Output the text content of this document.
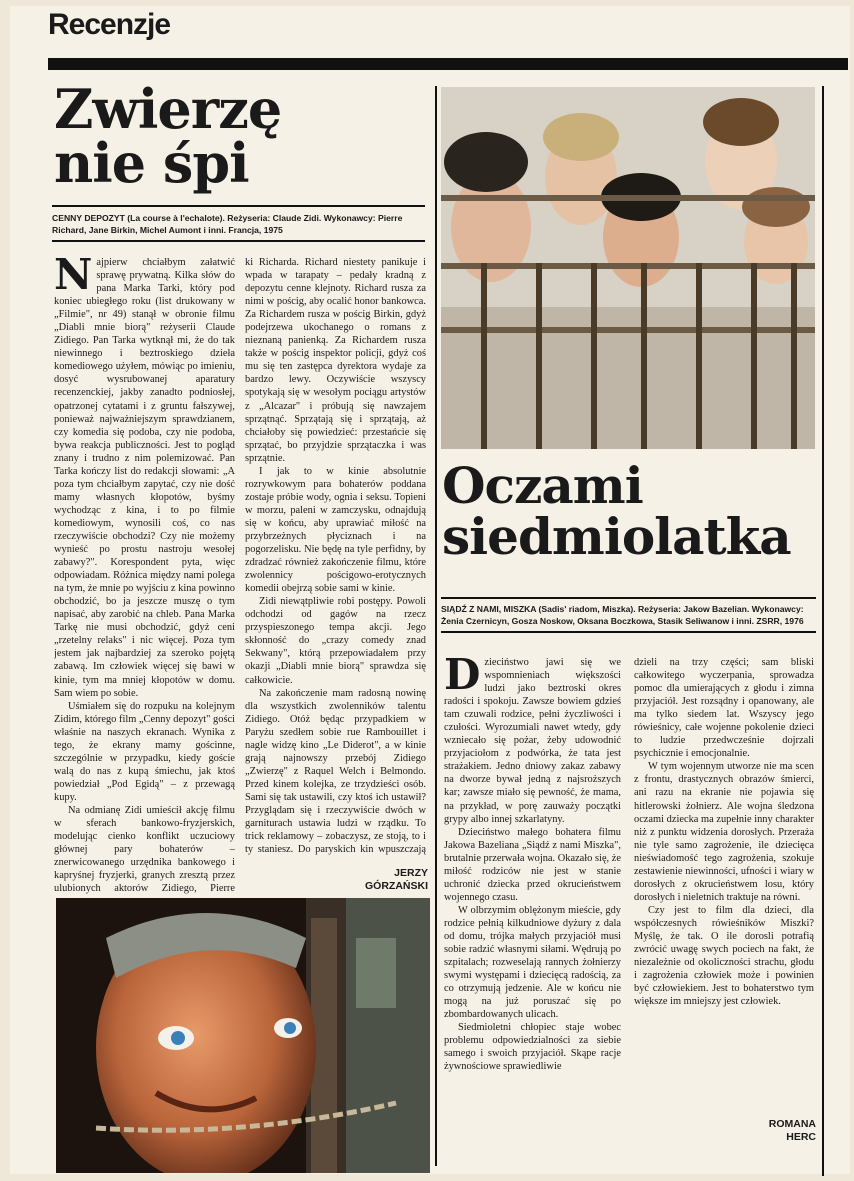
Recenzje
Zwierzę
nie śpi
CENNY DEPOZYT (La course à l'echalote). Reżyseria: Claude Zidi. Wykonawcy: Pierre Richard, Jane Birkin, Michel Aumont i inni. Francja, 1975

Najpierw chciałbym załatwić sprawę prywatną. Kilka słów do pana Marka Tarki, który pod koniec ubiegłego roku (list drukowany w „Filmie", nr 49) stanął w obronie filmu „Diabli mnie biorą" reżyserii Claude Zidiego. Pan Tarka wytknął mi, że do tak niewinnego i beztroskiego dzieła komediowego użyłem, mówiąc po imieniu, dosyć wysrubowanej aparatury recenzenckiej, jakby zanadto podniosłej, opatrzonej cytatami i z gruntu fałszywej, ponieważ najważniejszym sprawdzianem, czy komedia się podoba, czy nie podoba, bywa reakcja publiczności. Jest to pogląd znany i trudno z nim polemizować. Pan Tarka kończy list do redakcji słowami: „A poza tym chciałbym zapytać, czy nie dość mamy własnych kłopotów, byśmy wychodząc z kina, i to po filmie komediowym, wynosili coś, co nas rzeczywiście obchodzi? Czy nie możemy wynieść po prostu nastroju wesołej zabawy?". Korespondent pyta, więc odpowiadam. Różnica między nami polega na tym, że mnie po wyjściu z kina powinno obchodzić, bo ja jeszcze muszę o tym napisać, aby zarobić na chleb. Pana Marka Tarkę nie musi obchodzić, gdyż ceni „rzetelny relaks" i nic więcej. Poza tym jestem jak najbardziej za szeroko pojętą zabawą. Im człowiek więcej się bawi w kinie, tym ma mniej kłopotów w domu. Sam wiem po sobie.

Uśmiałem się do rozpuku na kolejnym Zidim, którego film „Cenny depozyt" gości właśnie na naszych ekranach. Wynika z tego, że ekrany mamy gościnne, szczególnie w przypadku, kiedy goście walą do nas z kupą śmiechu, jak ktoś powiedział „Pod Egidą" – z przewagą kupy.

Na odmianę Zidi umieścił akcję filmu w sferach bankowo-fryzjerskich, modelując cienko konflikt uczuciowy głównej pary bohaterów – znerwicowanego urzędnika bankowego i kapryśnej fryzjerki, granych zresztą przez ulubionych aktorów Zidiego, Pierre

ki Richarda. Richard niestety panikuje i wpada w tarapaty – pedały kradną z depozytu cenne klejnoty. Richard rusza za nimi w pościg, aby ocalić honor bankowca. Za Richardem rusza w pościg Birkin, gdyż podejrzewa ukochanego o romans z nieznaną panienką. Za Richardem rusza także w pościg inspektor policji, gdyż coś mu się ten zastępca dyrektora wydaje za bardzo lewy. Oczywiście wszyscy spotykają się w wesołym pociągu artystów z „Alcazar" i próbują się nawzajem sprzątnąć. Sprzątają się i sprzątają, aż chciałoby się powiedzieć: przestańcie się sprzątać, bo przyjdzie sprzątaczka i was sprzątnie.

I jak to w kinie absolutnie rozrywkowym para bohaterów poddana zostaje próbie wody, ognia i seksu. Topieni w morzu, paleni w zamczysku, odnajdują się w końcu, aby uprawiać miłość na przybrzeżnych płyciznach i na pogorzelisku. Nie będę na tyle perfidny, by zdradzać również zakończenie filmu, które zwolennicy pościgowo-erotycznych komedii obejrzą sobie sami w kinie.

Zidi niewątpliwie robi postępy. Powoli odchodzi od gagów na rzecz przyspieszonego tempa akcji. Jego skłonność do „crazy comedy znad Sekwany", którą przepowiadałem przy okazji „Diabli mnie biorą" sprawdza się całkowicie.

Na zakończenie mam radosną nowinę dla wszystkich zwolenników talentu Zidiego. Otóż będąc przypadkiem w Paryżu szedłem sobie rue Rambouillet i nagle widzę kino „Le Diderot", a w kinie grają najnowszy przebój Zidiego „Zwierzę" z Raquel Welch i Belmondo. Przed kinem kolejka, ze trzydzieści osób. Sami się tak ustawili, czy ktoś ich ustawił? Przyglądam się i rzeczywiście dwóch w garniturach ustawia ludzi w rządku. To trick reklamowy – zobaczysz, ze stoją, to i ty staniesz. Do paryskich kin wpuszczają

JERZY
GÓRZAŃSKI
Oczami
siedmiolatka
SIĄDŹ Z NAMI, MISZKA (Sadis' riadom, Miszka). Reżyseria: Jakow Bazelian. Wykonawcy: Żenia Czernicyn, Gosza Noskow, Oksana Boczkowa, Stasik Seliwanow i inni. ZSRR, 1976

Dzieciństwo jawi się we wspomnieniach większości ludzi jako beztroski okres radości i spokoju. Zawsze bowiem gdzieś tam czuwali rodzice, pełni życzliwości i czułości. Wyrozumiali nawet wtedy, gdy wzniecało się pożar, żeby udowodnić przyjaciołom z podwórka, że tata jest strażakiem. Jedno dniowy zakaz zabawy na dworze bywał jedną z najsroższych kar; zawsze miało się pewność, że mama, na przykład, w porę zauważy początki grypy albo innej szkarlatyny.

Dzieciństwo małego bohatera filmu Jakowa Bazeliana „Siądź z nami Miszka", brutalnie przerwała wojna. Okazało się, że miłość rodziców nie jest w stanie uchronić dziecka przed okrucieństwem wojennego czasu.

W olbrzymim oblężonym mieście, gdy rodzice pełnią kilkudniowe dyżury z dala od domu, trójka małych przyjaciół musi sobie radzić własnymi siłami. Wędrują po szpitalach; rozweselają rannych żołnierzy swymi występami i dziecięcą radością, za co otrzymują jedzenie. Ale w końcu nie mogą na już poruszać się po zbombardowanych ulicach.

Siedmioletni chłopiec staje wobec problemu odpowiedzialności za siebie samego i swoich przyjaciół. Skąpe racje żywnościowe sprawiedliwie

dzieli na trzy części; sam bliski całkowitego wyczerpania, sprowadza pomoc dla umierających z głodu i zimna przyjaciół. Jest rozsądny i opanowany, ale ma tylko siedem lat. Wszyscy jego rówieśnicy, całe wojenne pokolenie dzieci to ludzie przedwcześnie dojrzali psychicznie i emocjonalnie.

W tym wojennym utworze nie ma scen z frontu, drastycznych obrazów śmierci, ani razu na ekranie nie pojawia się hitlerowski żołnierz. Ale wojna śledzona oczami dziecka ma zupełnie inny charakter niż z punktu widzenia dorosłych. Przeraża nie tyle samo zagrożenie, ile dziecięca nieświadomość tego zagrożenia, szokuje zestawienie niewinności, ufności i wiary w dorosłych z okrucieństwem losu, który dorosłych i nieletnich traktuje na równi.

Czy jest to film dla dzieci, dla współczesnych rówieśników Miszki? Myślę, że tak. O ile dorosli potrafią zwrócić uwagę swych pociech na fakt, że niezależnie od okoliczności strachu, głodu i zagrożenia człowiek może i powinien być człowiekiem. Jest to bohaterstwo tym większe im mniejszy jest człowiek.

ROMANA
HERC
